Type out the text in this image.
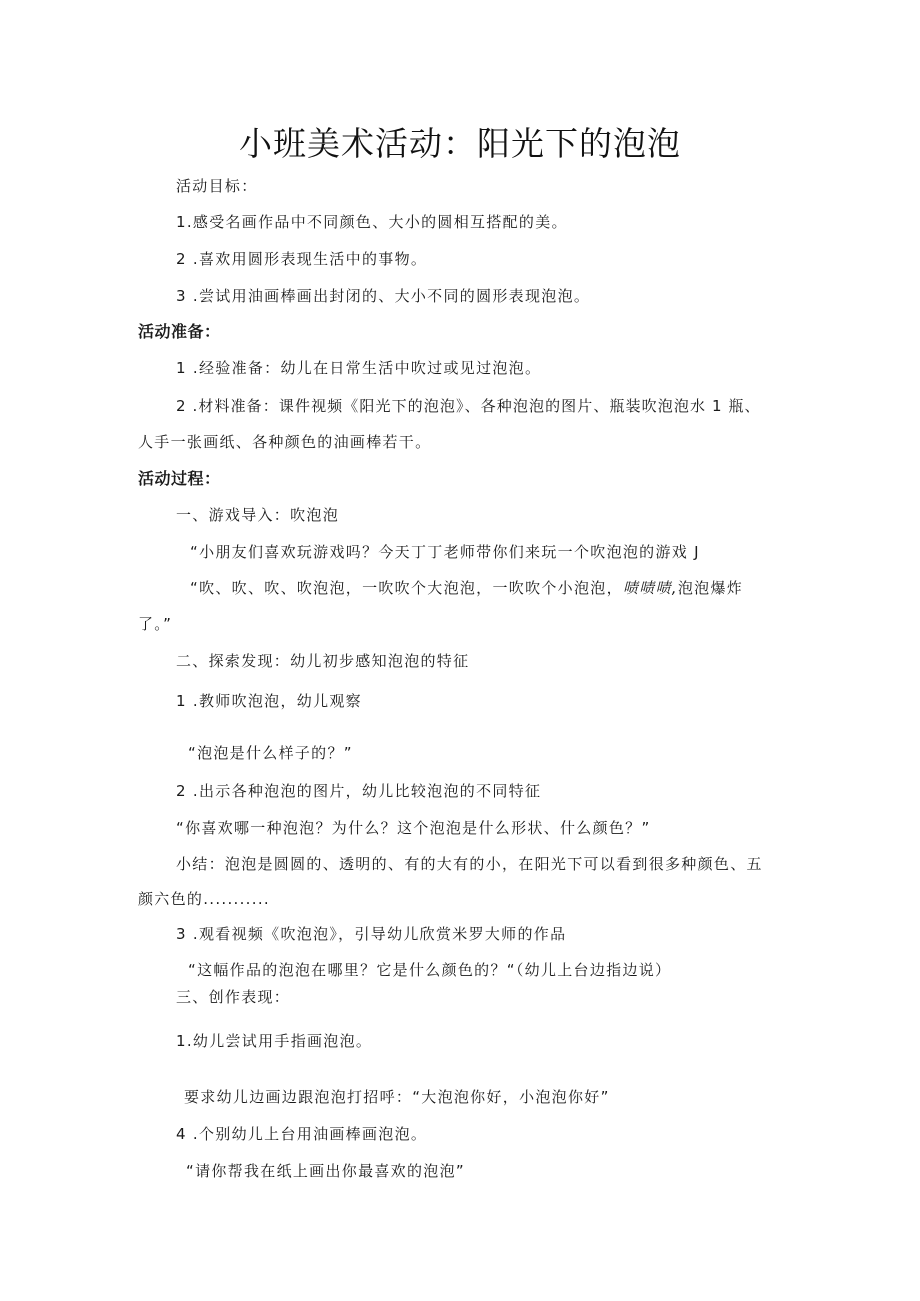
小班美术活动：阳光下的泡泡
活动目标：
1.感受名画作品中不同颜色、大小的圆相互搭配的美。
2 .喜欢用圆形表现生活中的事物。
3 .尝试用油画棒画出封闭的、大小不同的圆形表现泡泡。
活动准备：
1 .经验准备：幼儿在日常生活中吹过或见过泡泡。
2 .材料准备：课件视频《阳光下的泡泡》、各种泡泡的图片、瓶装吹泡泡水 1 瓶、
人手一张画纸、各种颜色的油画棒若干。
活动过程：
一、游戏导入：吹泡泡
“小朋友们喜欢玩游戏吗？今天丁丁老师带你们来玩一个吹泡泡的游戏 J
“吹、吹、吹、吹泡泡，一吹吹个大泡泡，一吹吹个小泡泡，啧啧啧,泡泡爆炸
了。”
二、探索发现：幼儿初步感知泡泡的特征
1 .教师吹泡泡，幼儿观察
“泡泡是什么样子的？”
2 .出示各种泡泡的图片，幼儿比较泡泡的不同特征
“你喜欢哪一种泡泡？为什么？这个泡泡是什么形状、什么颜色？”
小结：泡泡是圆圆的、透明的、有的大有的小，在阳光下可以看到很多种颜色、五
颜六色的...........
3 .观看视频《吹泡泡》，引导幼儿欣赏米罗大师的作品
“这幅作品的泡泡在哪里？它是什么颜色的？“（幼儿上台边指边说）
三、创作表现：
1.幼儿尝试用手指画泡泡。
要求幼儿边画边跟泡泡打招呼：“大泡泡你好，小泡泡你好”
4 .个别幼儿上台用油画棒画泡泡。
“请你帮我在纸上画出你最喜欢的泡泡”
